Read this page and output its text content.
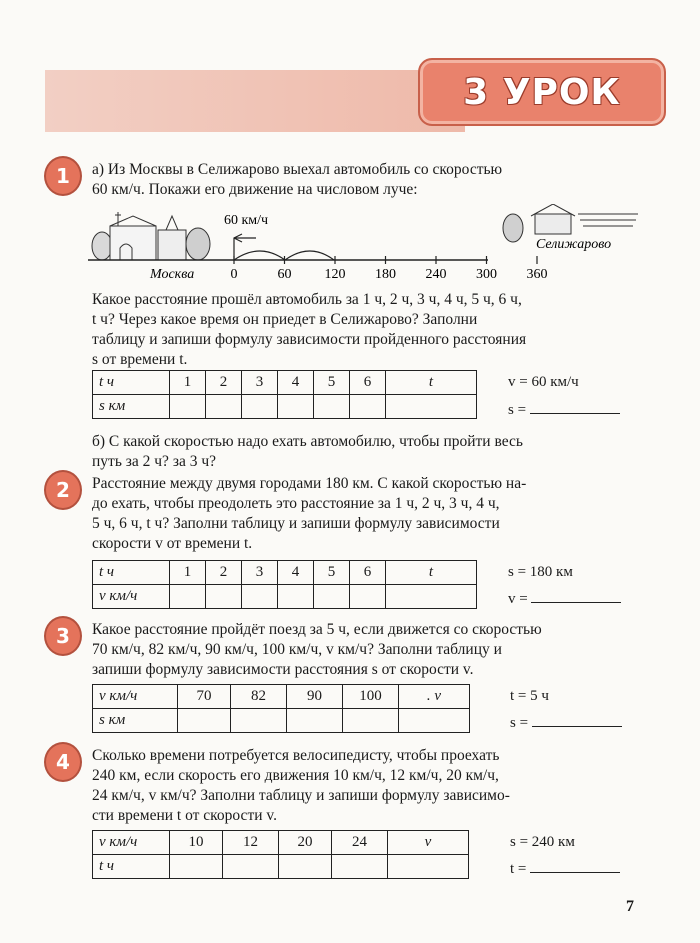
3 УРОК
1	а) Из Москвы в Селижарово выехал автомобиль со скоростью
60 км/ч. Покажи его движение на числовом луче:
60 км/ч
Москва
Селижарово
0	60 120 180 240 300 360
Какое расстояние прошёл автомобиль за 1 ч, 2 ч, 3 ч, 4 ч, 5 ч, 6 ч,
t ч? Через какое время он приедет в Селижарово? Заполни
таблицу и запиши формулу зависимости пройденного расстояния
s от времени t.
t ч	1	2	3	4	5	6	t
s км							
v = 60 км/ч
s =
б) С какой скоростью надо ехать автомобилю, чтобы пройти весь
путь за 2 ч? за 3 ч?
2	Расстояние между двумя городами 180 км. С какой скоростью на-
до ехать, чтобы преодолеть это расстояние за 1 ч, 2 ч, 3 ч, 4 ч,
5 ч, 6 ч, t ч? Заполни таблицу и запиши формулу зависимости
скорости v от времени t.
t ч	1	2	3	4	5	6	t
v км/ч							
s = 180 км
v =
3	Какое расстояние пройдёт поезд за 5 ч, если движется со скоростью
70 км/ч, 82 км/ч, 90 км/ч, 100 км/ч, v км/ч? Заполни таблицу и
запиши формулу зависимости расстояния s от скорости v.
v км/ч	70	82	90	100	. v
s км					
t = 5 ч
s =
4	Сколько времени потребуется велосипедисту, чтобы проехать
240 км, если скорость его движения 10 км/ч, 12 км/ч, 20 км/ч,
24 км/ч, v км/ч? Заполни таблицу и запиши формулу зависимо-
сти времени t от скорости v.
v км/ч	10	12	20	24	v
t ч					
s = 240 км
t =
7
